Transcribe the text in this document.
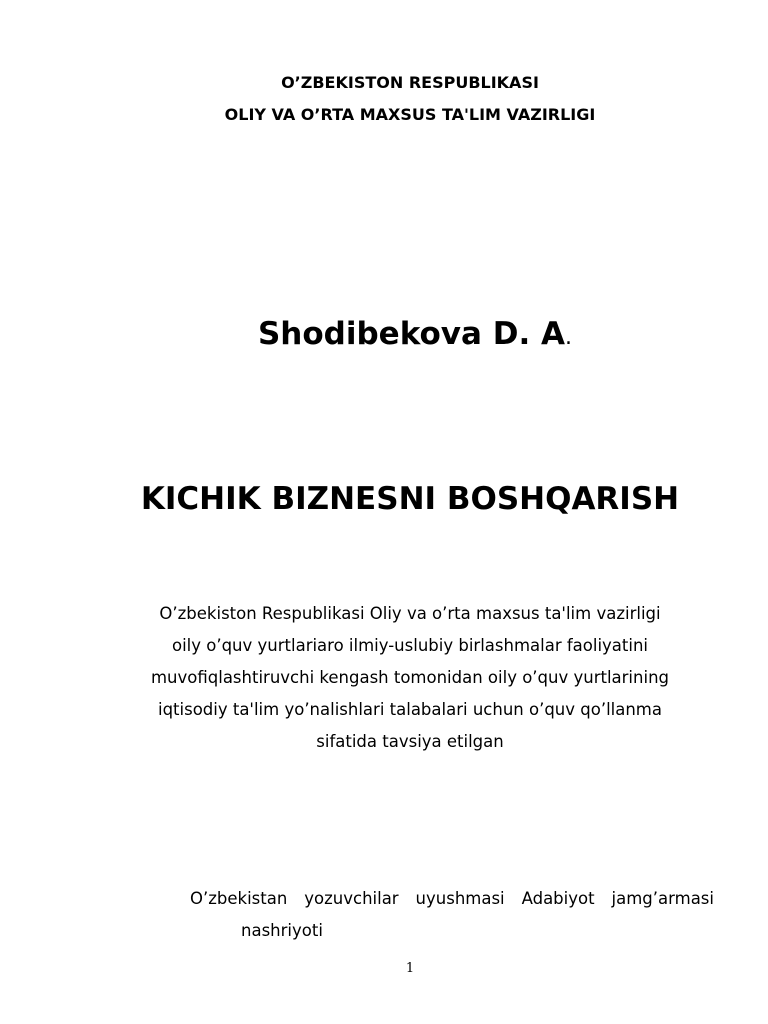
O’ZBEKISTON RESPUBLIKASI
OLIY VA O’RTA MAXSUS TA'LIM VAZIRLIGI
Shodibekova D. A.
KICHIK BIZNESNI BOSHQARISH
O’zbekiston Respublikasi Oliy va o’rta maxsus ta'lim vazirligi
oily o’quv yurtlariaro ilmiy-uslubiy birlashmalar faoliyatini
muvofiqlashtiruvchi kengash tomonidan oily o’quv yurtlarining
iqtisodiy ta'lim yo’nalishlari talabalari uchun o’quv qo’llanma
sifatida tavsiya etilgan
O’zbekistan yozuvchilar uyushmasi Adabiyot jamg’armasi
nashriyoti
1
